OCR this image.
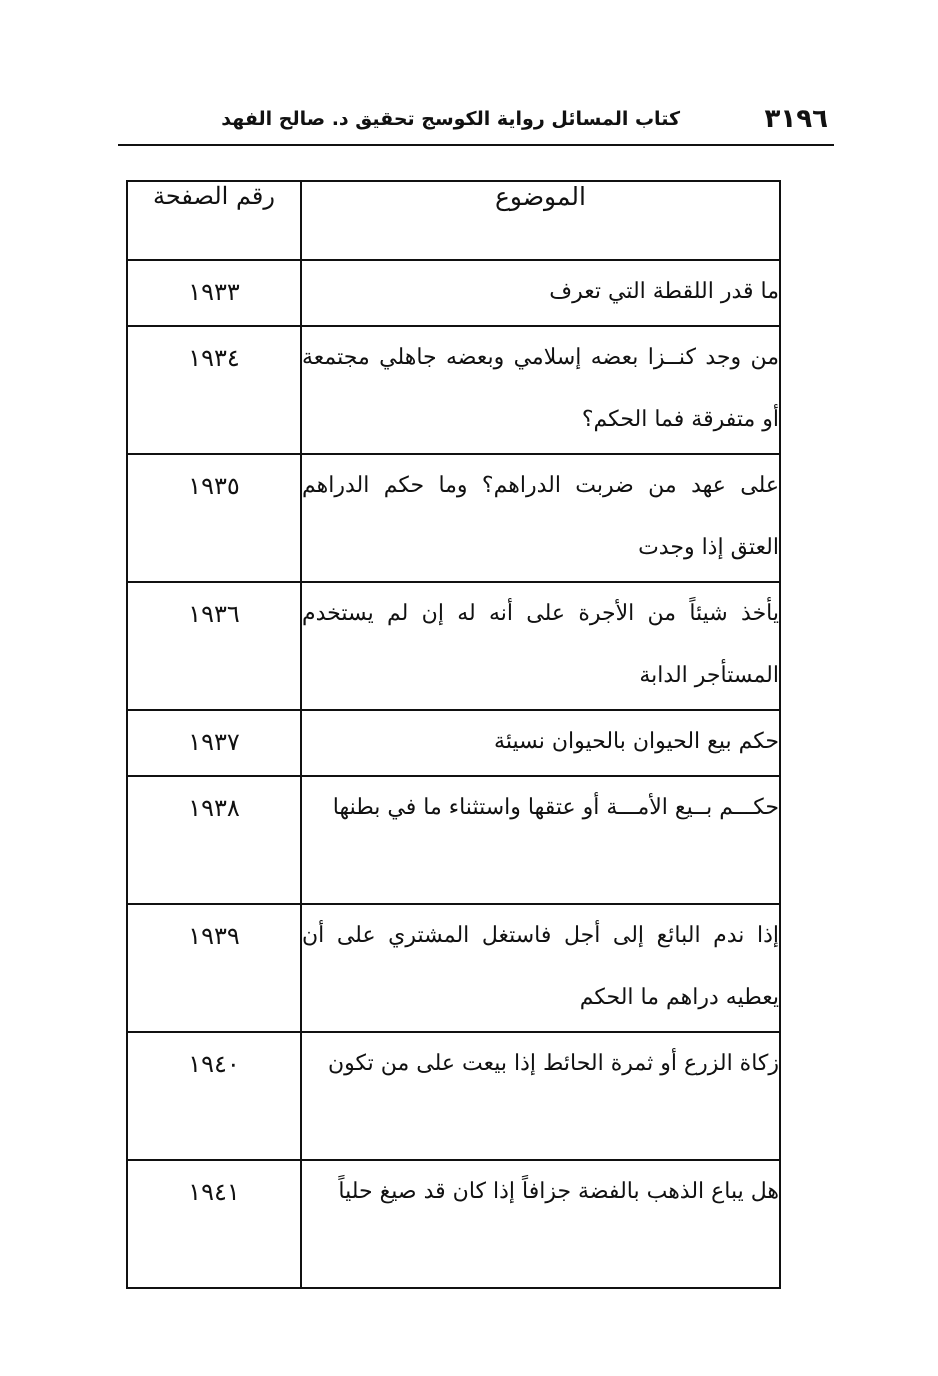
٣١٩٦
كتاب المسائل رواية الكوسج تحقيق د. صالح الفهد
الموضوع	رقم الصفحة
ما قدر اللقطة التي تعرف	١٩٣٣
من وجد كنــزا بعضه إسلامي وبعضه جاهلي مجتمعة أو متفرقة فما الحكم؟	١٩٣٤
على عهد من ضربت الدراهم؟ وما حكم الدراهم العتق إذا وجدت	١٩٣٥
يأخذ شيئاً من الأجرة على أنه له إن لم يستخدم المستأجر الدابة	١٩٣٦
حكم بيع الحيوان بالحيوان نسيئة	١٩٣٧
حكـــم بــيع الأمـــة أو عتقها واستثناء ما في بطنها	١٩٣٨
إذا ندم البائع إلى أجل فاستغل المشتري على أن يعطيه دراهم ما الحكم	١٩٣٩
زكاة الزرع أو ثمرة الحائط إذا بيعت على من تكون	١٩٤٠
هل يباع الذهب بالفضة جزافاً إذا كان قد صيغ حلياً	١٩٤١
